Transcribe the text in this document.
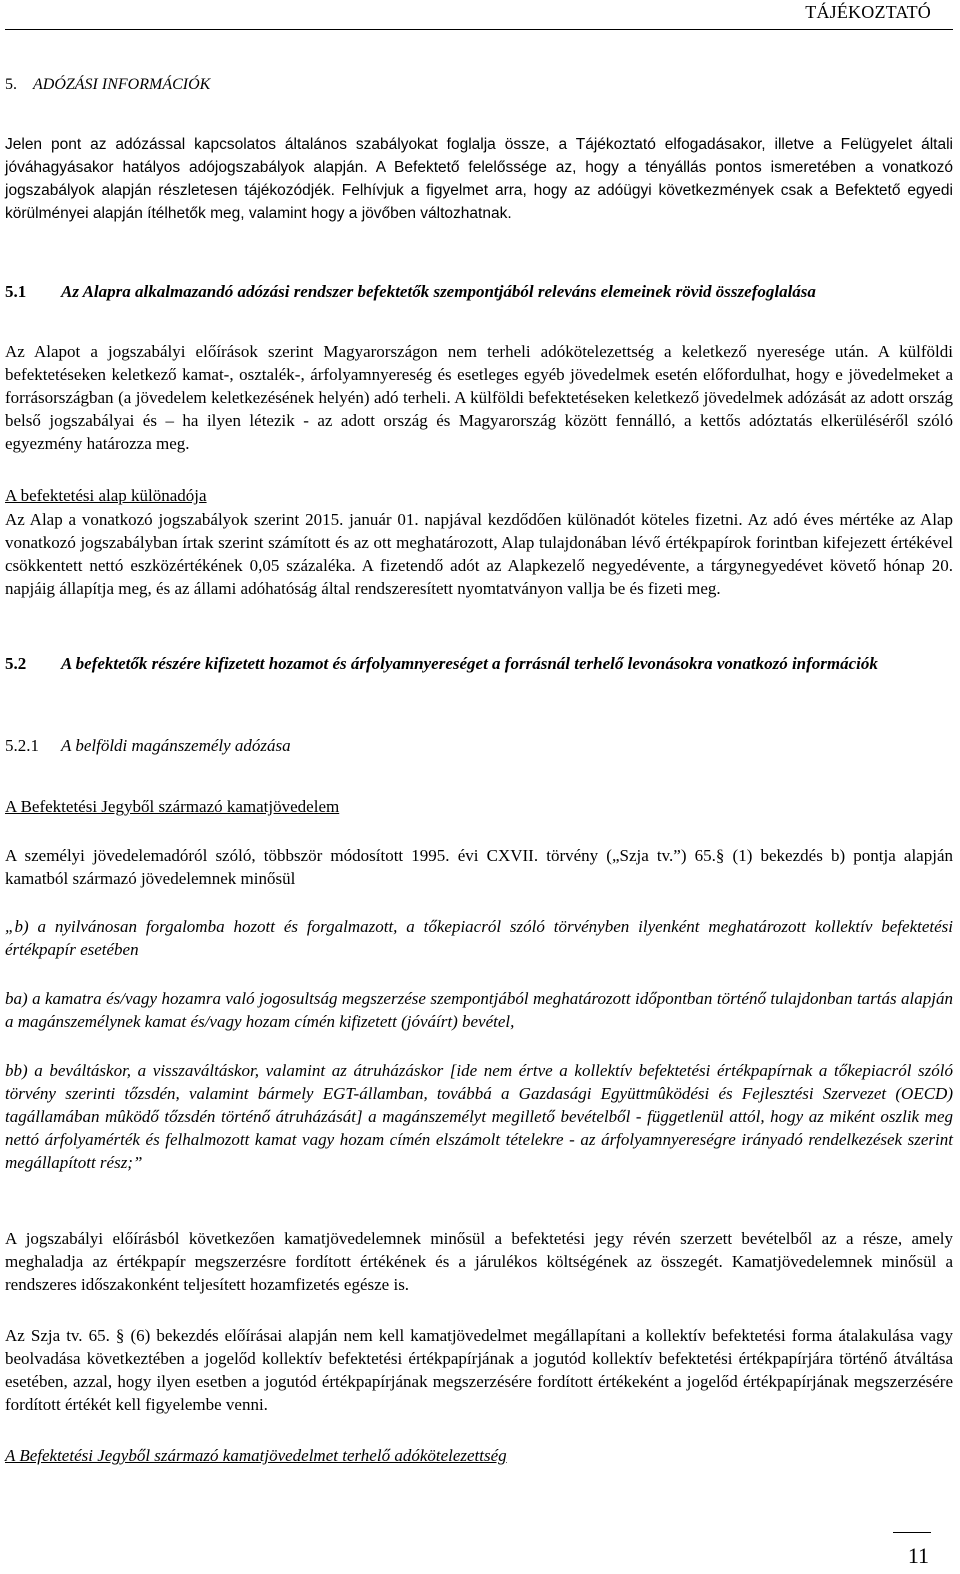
TÁJÉKOZTATÓ
5. ADÓZÁSI INFORMÁCIÓK
Jelen pont az adózással kapcsolatos általános szabályokat foglalja össze, a Tájékoztató elfogadásakor, illetve a Felügyelet általi jóváhagyásakor hatályos adójogszabályok alapján. A Befektető felelőssége az, hogy a tényállás pontos ismeretében a vonatkozó jogszabályok alapján részletesen tájékozódjék. Felhívjuk a figyelmet arra, hogy az adóügyi következmények csak a Befektető egyedi körülményei alapján ítélhetők meg, valamint hogy a jövőben változhatnak.
5.1	Az Alapra alkalmazandó adózási rendszer befektetők szempontjából releváns elemeinek rövid összefoglalása
Az Alapot a jogszabályi előírások szerint Magyarországon nem terheli adókötelezettség a keletkező nyeresége után. A külföldi befektetéseken keletkező kamat-, osztalék-, árfolyamnyereség és esetleges egyéb jövedelmek esetén előfordulhat, hogy e jövedelmeket a forrásországban (a jövedelem keletkezésének helyén) adó terheli. A külföldi befektetéseken keletkező jövedelmek adózását az adott ország belső jogszabályai és – ha ilyen létezik - az adott ország és Magyarország között fennálló, a kettős adóztatás elkerüléséről szóló egyezmény határozza meg.
A befektetési alap különadója
Az Alap a vonatkozó jogszabályok szerint 2015. január 01. napjával kezdődően különadót köteles fizetni. Az adó éves mértéke az Alap vonatkozó jogszabályban írtak szerint számított és az ott meghatározott, Alap tulajdonában lévő értékpapírok forintban kifejezett értékével csökkentett nettó eszközértékének 0,05 százaléka. A fizetendő adót az Alapkezelő negyedévente, a tárgynegyedévet követő hónap 20. napjáig állapítja meg, és az állami adóhatóság által rendszeresített nyomtatványon vallja be és fizeti meg.
5.2	A befektetők részére kifizetett hozamot és árfolyamnyereséget a forrásnál terhelő levonásokra vonatkozó információk
5.2.1	A belföldi magánszemély adózása
A Befektetési Jegyből származó kamatjövedelem
A személyi jövedelemadóról szóló, többször módosított 1995. évi CXVII. törvény („Szja tv.”) 65.§ (1) bekezdés b) pontja alapján kamatból származó jövedelemnek minősül
„b) a nyilvánosan forgalomba hozott és forgalmazott, a tőkepiacról szóló törvényben ilyenként meghatározott kollektív befektetési értékpapír esetében
ba) a kamatra és/vagy hozamra való jogosultság megszerzése szempontjából meghatározott időpontban történő tulajdonban tartás alapján a magánszemélynek kamat és/vagy hozam címén kifizetett (jóváírt) bevétel,
bb) a beváltáskor, a visszaváltáskor, valamint az átruházáskor [ide nem értve a kollektív befektetési értékpapírnak a tőkepiacról szóló törvény szerinti tőzsdén, valamint bármely EGT-államban, továbbá a Gazdasági Együttmûködési és Fejlesztési Szervezet (OECD) tagállamában mûködő tőzsdén történő átruházását] a magánszemélyt megillető bevételből - függetlenül attól, hogy az miként oszlik meg nettó árfolyamérték és felhalmozott kamat vagy hozam címén elszámolt tételekre - az árfolyamnyereségre irányadó rendelkezések szerint megállapított rész;”
A jogszabályi előírásból következően kamatjövedelemnek minősül a befektetési jegy révén szerzett bevételből az a része, amely meghaladja az értékpapír megszerzésre fordított értékének és a járulékos költségének az összegét. Kamatjövedelemnek minősül a rendszeres időszakonként teljesített hozamfizetés egésze is.
Az Szja tv. 65. § (6) bekezdés előírásai alapján nem kell kamatjövedelmet megállapítani a kollektív befektetési forma átalakulása vagy beolvadása következtében a jogelőd kollektív befektetési értékpapírjának a jogutód kollektív befektetési értékpapírjára történő átváltása esetében, azzal, hogy ilyen esetben a jogutód értékpapírjának megszerzésére fordított értékeként a jogelőd értékpapírjának megszerzésére fordított értékét kell figyelembe venni.
A Befektetési Jegyből származó kamatjövedelmet terhelő adókötelezettség
11
